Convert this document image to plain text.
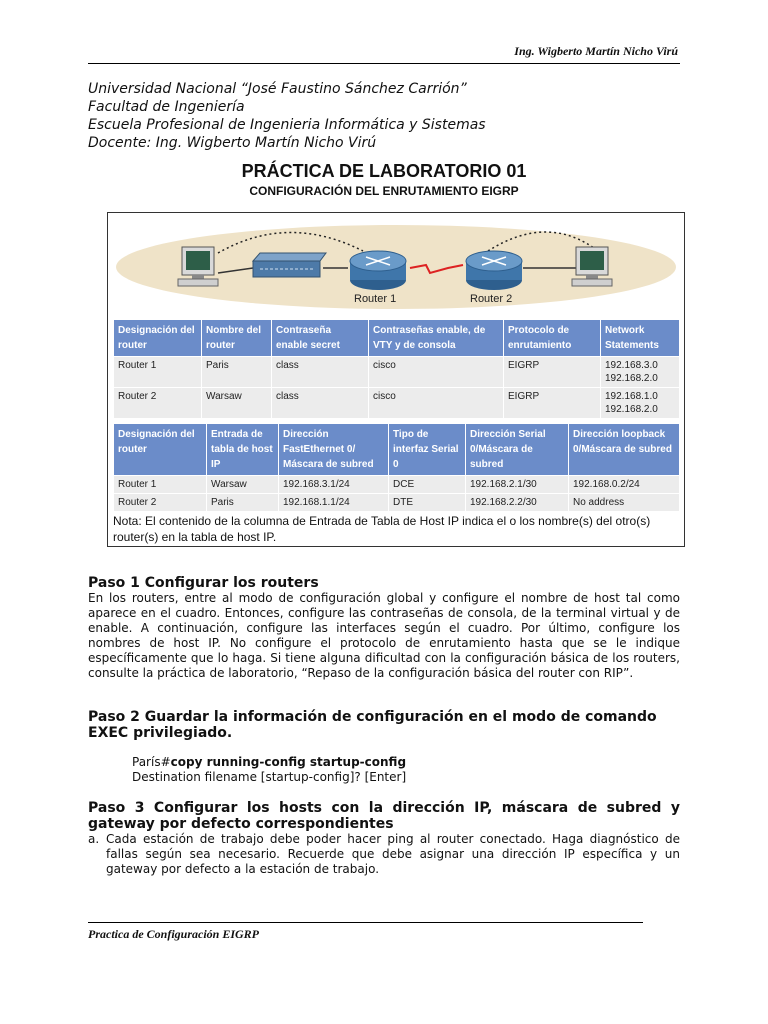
Ing. Wigberto Martín Nicho Virú
Universidad Nacional “José Faustino Sánchez Carrión”
Facultad de Ingeniería
Escuela Profesional de Ingenieria Informática y Sistemas
Docente: Ing. Wigberto Martín Nicho Virú
PRÁCTICA DE LABORATORIO 01
CONFIGURACIÓN DEL ENRUTAMIENTO EIGRP
Router 1	Router 2
Designación del router	Nombre del router	Contraseña enable secret	Contraseñas enable, de VTY y de consola	Protocolo de enrutamiento	Network Statements
Router 1	Paris	class	cisco	EIGRP	192.168.3.0
192.168.2.0
Router 2	Warsaw	class	cisco	EIGRP	192.168.1.0
192.168.2.0
Designación del router	Entrada de tabla de host IP	Dirección FastEthernet 0/ Máscara de subred	Tipo de interfaz Serial 0	Dirección Serial 0/Máscara de subred	Dirección loopback 0/Máscara de subred
Router 1	Warsaw	192.168.3.1/24	DCE	192.168.2.1/30	192.168.0.2/24
Router 2	Paris	192.168.1.1/24	DTE	192.168.2.2/30	No address
Nota: El contenido de la columna de Entrada de Tabla de Host IP indica el o los nombre(s) del otro(s) router(s) en la tabla de host IP.
Paso 1 Configurar los routers

En los routers, entre al modo de configuración global y configure el nombre de host tal como aparece en el cuadro. Entonces, configure las contraseñas de consola, de la terminal virtual y de enable. A continuación, configure las interfaces según el cuadro. Por último, configure los nombres de host IP. No configure el protocolo de enrutamiento hasta que se le indique específicamente que lo haga. Si tiene alguna dificultad con la configuración básica de los routers, consulte la práctica de laboratorio, “Repaso de la configuración básica del router con RIP”.

Paso 2 Guardar la información de configuración en el modo de comando EXEC privilegiado.
París#copy running-config startup-config
Destination filename [startup-config]? [Enter]
Paso 3 Configurar los hosts con la dirección IP, máscara de subred y gateway por defecto correspondientes
a. Cada estación de trabajo debe poder hacer ping al router conectado. Haga diagnóstico de fallas según sea necesario. Recuerde que debe asignar una dirección IP específica y un gateway por defecto a la estación de trabajo.

Practica de Configuración EIGRP
